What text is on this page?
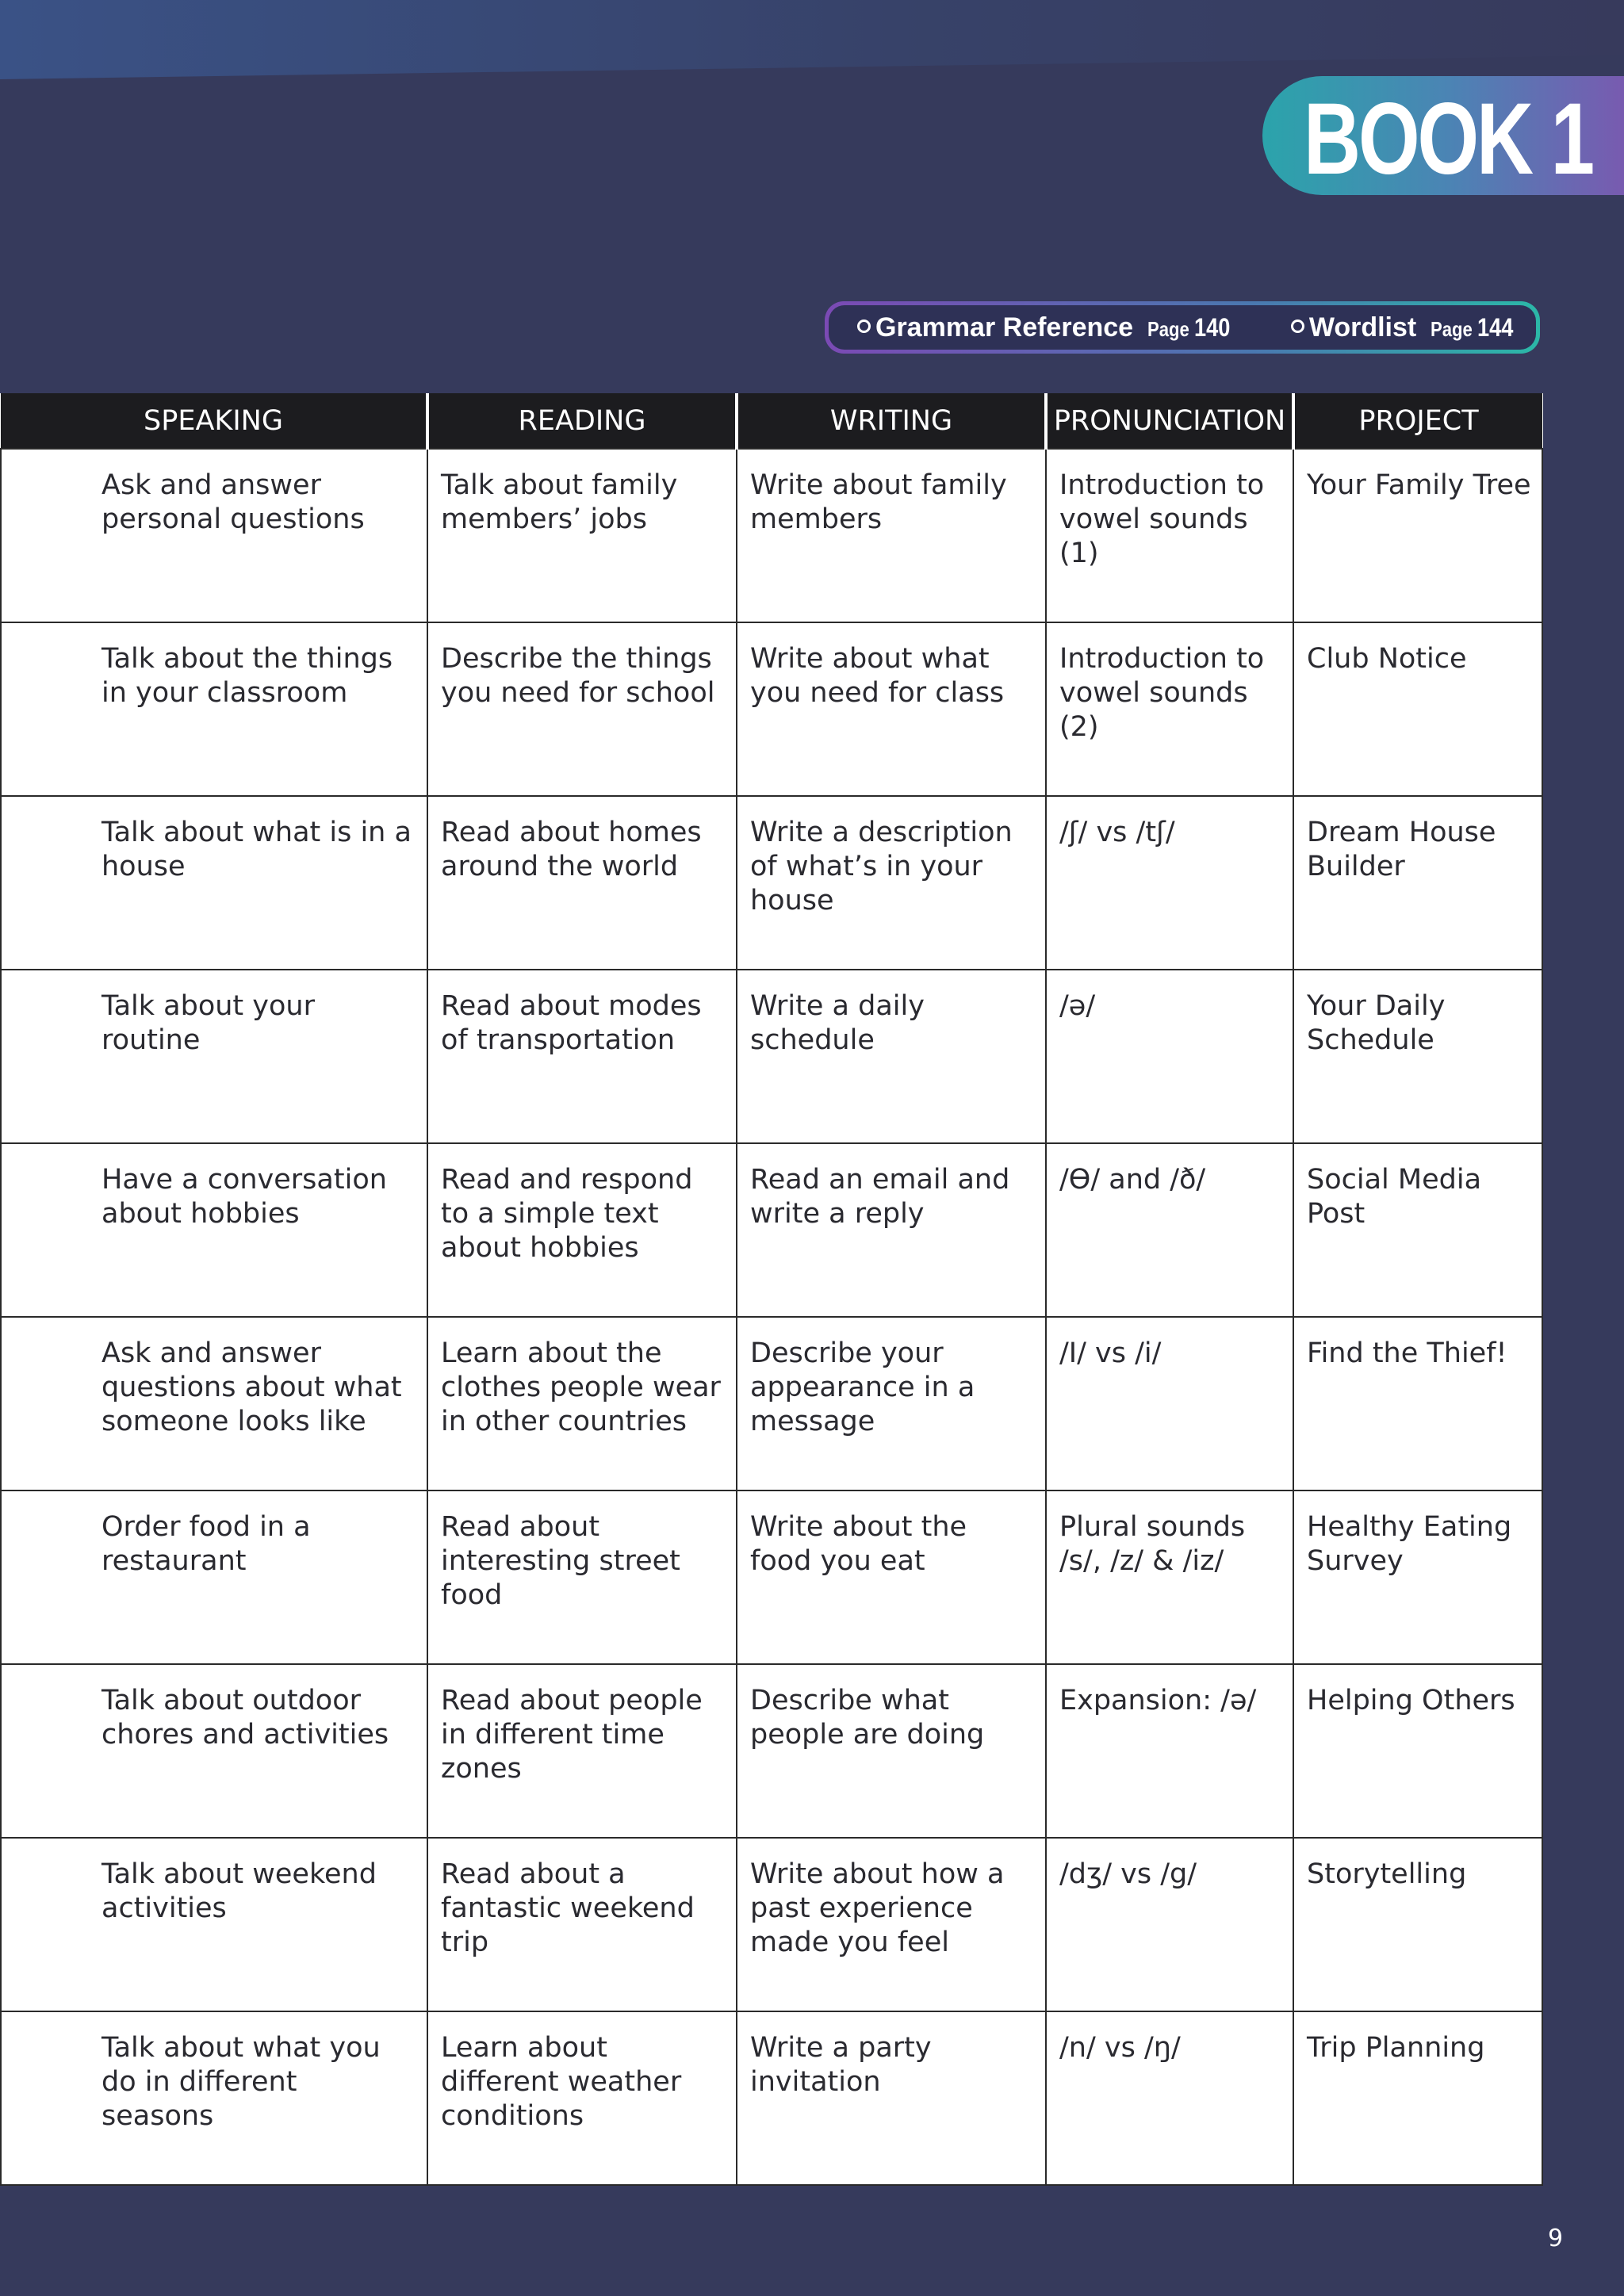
BOOK 1
Grammar Reference Page 140	Wordlist Page 144
SPEAKING	READING	WRITING	PRONUNCIATION	PROJECT
Ask and answer personal questions	Talk about family members’ jobs	Write about family members	Introduction to vowel sounds (1)	Your Family Tree
Talk about the things in your classroom	Describe the things you need for school	Write about what you need for class	Introduction to vowel sounds (2)	Club Notice
Talk about what is in a house	Read about homes around the world	Write a description of what’s in your house	/ʃ/ vs /tʃ/	Dream House Builder
Talk about your routine	Read about modes of transportation	Write a daily schedule	/ə/	Your Daily Schedule
Have a conversation about hobbies	Read and respond to a simple text about hobbies	Read an email and write a reply	/Ɵ/ and /ð/	Social Media Post
Ask and answer questions about what someone looks like	Learn about the clothes people wear in other countries	Describe your appearance in a message	/I/ vs /i/	Find the Thief!
Order food in a restaurant	Read about interesting street food	Write about the food you eat	Plural sounds /s/, /z/ & /iz/	Healthy Eating Survey
Talk about outdoor chores and activities	Read about people in different time zones	Describe what people are doing	Expansion: /ə/	Helping Others
Talk about weekend activities	Read about a fantastic weekend trip	Write about how a past experience made you feel	/dʒ/ vs /g/	Storytelling
Talk about what you do in different seasons	Learn about different weather conditions	Write a party invitation	/n/ vs /ŋ/	Trip Planning
9
